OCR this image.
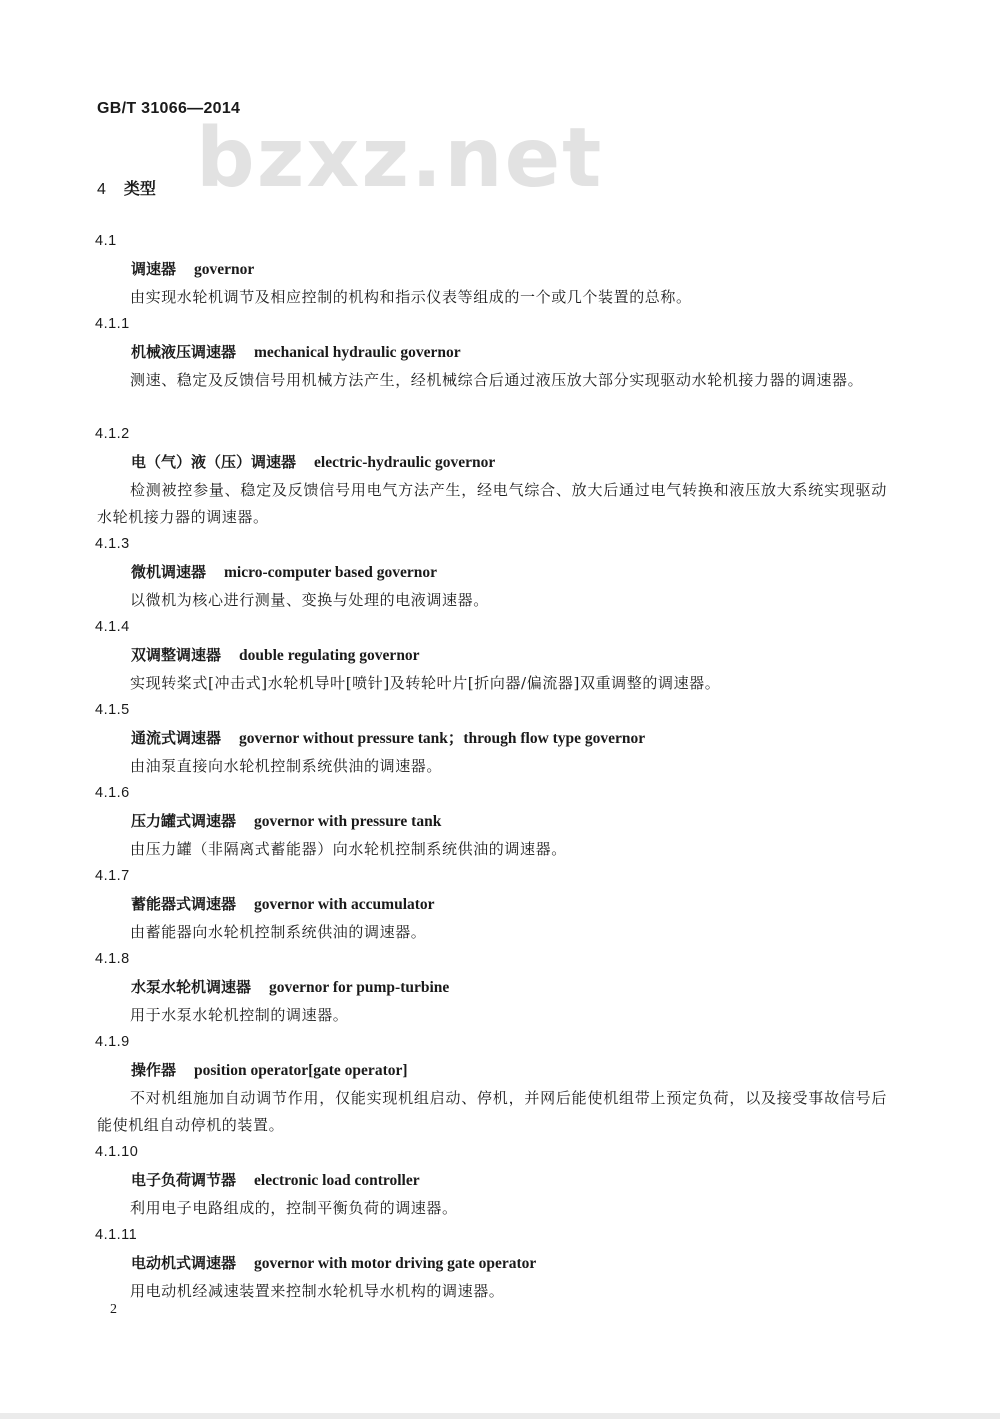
GB/T 31066—2014
bzxz.net
4 类型
4.1
调速器 governor
由实现水轮机调节及相应控制的机构和指示仪表等组成的一个或几个装置的总称。
4.1.1
机械液压调速器 mechanical hydraulic governor
测速、稳定及反馈信号用机械方法产生，经机械综合后通过液压放大部分实现驱动水轮机接力器的调速器。
4.1.2
电（气）液（压）调速器 electric-hydraulic governor
检测被控参量、稳定及反馈信号用电气方法产生，经电气综合、放大后通过电气转换和液压放大系统实现驱动水轮机接力器的调速器。
4.1.3
微机调速器 micro-computer based governor
以微机为核心进行测量、变换与处理的电液调速器。
4.1.4
双调整调速器 double regulating governor
实现转桨式[冲击式]水轮机导叶[喷针]及转轮叶片[折向器/偏流器]双重调整的调速器。
4.1.5
通流式调速器 governor without pressure tank；through flow type governor
由油泵直接向水轮机控制系统供油的调速器。
4.1.6
压力罐式调速器 governor with pressure tank
由压力罐（非隔离式蓄能器）向水轮机控制系统供油的调速器。
4.1.7
蓄能器式调速器 governor with accumulator
由蓄能器向水轮机控制系统供油的调速器。
4.1.8
水泵水轮机调速器 governor for pump-turbine
用于水泵水轮机控制的调速器。
4.1.9
操作器 position operator[gate operator]
不对机组施加自动调节作用，仅能实现机组启动、停机，并网后能使机组带上预定负荷，以及接受事故信号后能使机组自动停机的装置。
4.1.10
电子负荷调节器 electronic load controller
利用电子电路组成的，控制平衡负荷的调速器。
4.1.11
电动机式调速器 governor with motor driving gate operator
用电动机经减速装置来控制水轮机导水机构的调速器。
2
